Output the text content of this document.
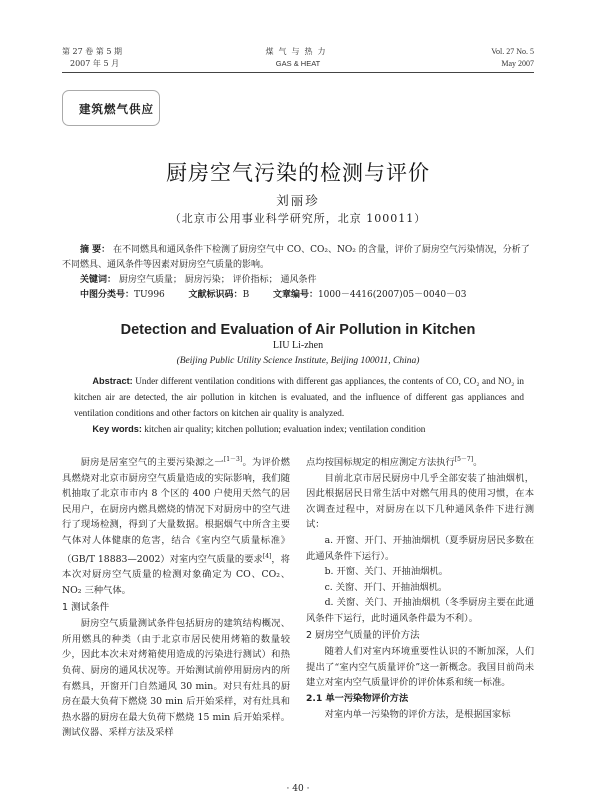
第 27 卷 第 5 期
2007 年 5 月
煤气与热力
GAS & HEAT
Vol. 27 No. 5
May 2007
建筑燃气供应
厨房空气污染的检测与评价
刘丽珍
（北京市公用事业科学研究所，北京 100011）
摘 要： 在不同燃具和通风条件下检测了厨房空气中 CO、CO₂、NO₂ 的含量，评价了厨房空气污染情况，分析了不同燃具、通风条件等因素对厨房空气质量的影响。
关键词： 厨房空气质量； 厨房污染； 评价指标； 通风条件
中图分类号：TU996	文献标识码：B	文章编号：1000－4416(2007)05－0040－03
Detection and Evaluation of Air Pollution in Kitchen
LIU Li-zhen
(Beijing Public Utility Science Institute, Beijing 100011, China)
Abstract: Under different ventilation conditions with different gas appliances, the contents of CO, CO₂ and NO₂ in kitchen air are detected, the air pollution in kitchen is evaluated, and the influence of different gas appliances and ventilation conditions and other factors on kitchen air quality is analyzed.
Key words: kitchen air quality; kitchen pollution; evaluation index; ventilation condition

厨房是居室空气的主要污染源之一[1－3]。为评价燃具燃烧对北京市厨房空气质量造成的实际影响，我们随机抽取了北京市市内 8 个区的 400 户使用天然气的居民用户，在厨房内燃具燃烧的情况下对厨房中的空气进行了现场检测，得到了大量数据。根据烟气中所含主要气体对人体健康的危害，结合《室内空气质量标准》（GB/T 18883—2002）对室内空气质量的要求[4]，将本次对厨房空气质量的检测对象确定为 CO、CO₂、NO₂ 三种气体。

1 测试条件

厨房空气质量测试条件包括厨房的建筑结构概况、所用燃具的种类（由于北京市居民使用烤箱的数量较少，因此本次未对烤箱使用造成的污染进行测试）和热负荷、厨房的通风状况等。开始测试前停用厨房内的所有燃具，开窗开门自然通风 30 min。对只有灶具的厨房在最大负荷下燃烧 30 min 后开始采样，对有灶具和热水器的厨房在最大负荷下燃烧 15 min 后开始采样。测试仪器、采样方法及采样

点均按国标规定的相应测定方法执行[5－7]。

目前北京市居民厨房中几乎全部安装了抽油烟机，因此根据居民日常生活中对燃气用具的使用习惯，在本次调查过程中，对厨房在以下几种通风条件下进行测试：

a. 开窗、开门、开抽油烟机（夏季厨房居民多数在此通风条件下运行）。

b. 开窗、关门、开抽油烟机。

c. 关窗、开门、开抽油烟机。

d. 关窗、关门、开抽油烟机（冬季厨房主要在此通风条件下运行，此时通风条件最为不利）。

2 厨房空气质量的评价方法

随着人们对室内环境重要性认识的不断加深，人们提出了“室内空气质量评价”这一新概念。我国目前尚未建立对室内空气质量评价的评价体系和统一标准。

2.1 单一污染物评价方法

对室内单一污染物的评价方法，是根据国家标

· 40 ·
